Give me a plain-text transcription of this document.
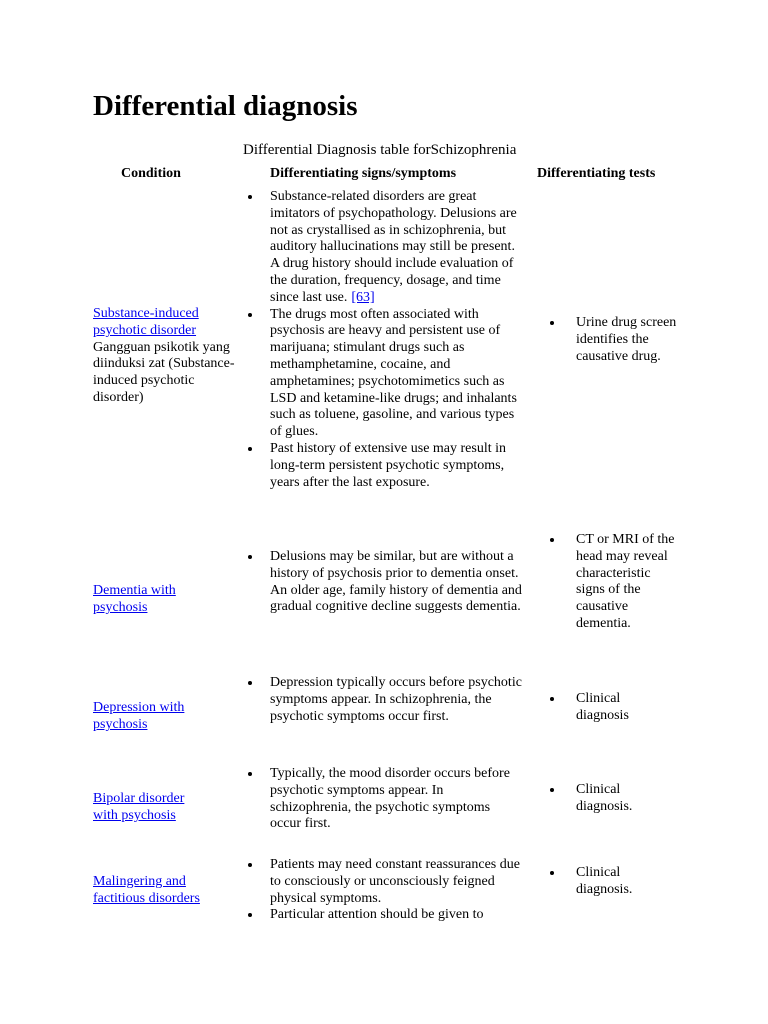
Differential diagnosis
Differential Diagnosis table forSchizophrenia
Condition	Differentiating signs/symptoms	Differentiating tests
Substance-induced psychotic disorder
Gangguan psikotik yang diinduksi zat (Substance-induced psychotic disorder)
Substance-related disorders are great imitators of psychopathology. Delusions are not as crystallised as in schizophrenia, but auditory hallucinations may still be present. A drug history should include evaluation of the duration, frequency, dosage, and time since last use. [63]
The drugs most often associated with psychosis are heavy and persistent use of marijuana; stimulant drugs such as methamphetamine, cocaine, and amphetamines; psychotomimetics such as LSD and ketamine-like drugs; and inhalants such as toluene, gasoline, and various types of glues.
Past history of extensive use may result in long-term persistent psychotic symptoms, years after the last exposure.
Urine drug screen identifies the causative drug.
Dementia with psychosis
Delusions may be similar, but are without a history of psychosis prior to dementia onset. An older age, family history of dementia and gradual cognitive decline suggests dementia.
CT or MRI of the head may reveal characteristic signs of the causative dementia.
Depression with psychosis
Depression typically occurs before psychotic symptoms appear. In schizophrenia, the psychotic symptoms occur first.
Clinical diagnosis
Bipolar disorder with psychosis
Typically, the mood disorder occurs before psychotic symptoms appear. In schizophrenia, the psychotic symptoms occur first.
Clinical diagnosis.
Malingering and factitious disorders
Patients may need constant reassurances due to consciously or unconsciously feigned physical symptoms.
Particular attention should be given to
Clinical diagnosis.
